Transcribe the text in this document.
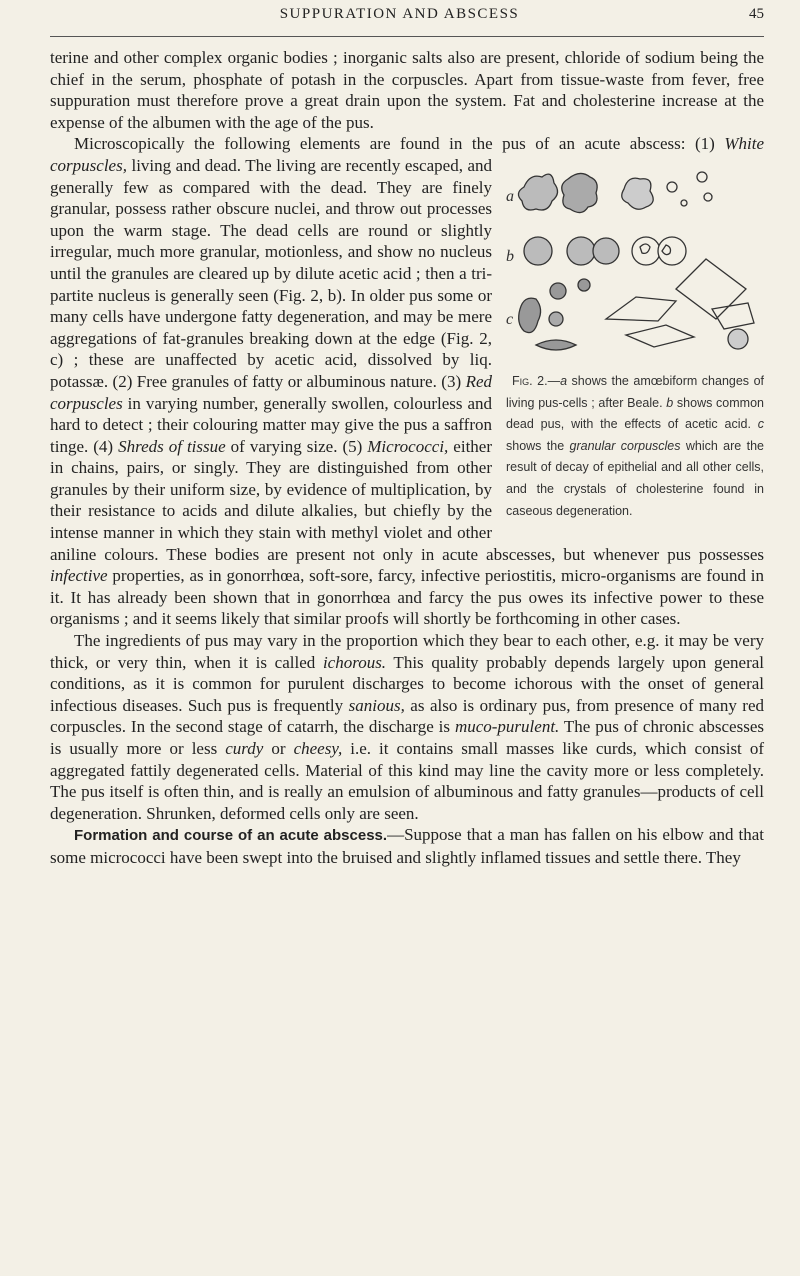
SUPPURATION AND ABSCESS	45

terine and other complex organic bodies ; inorganic salts also are present, chloride of sodium being the chief in the serum, phosphate of potash in the corpuscles. Apart from tissue-waste from fever, free suppuration must therefore prove a great drain upon the system. Fat and cholesterine increase at the expense of the albumen with the age of the pus.

Microscopically the following elements are found in the pus of an acute abscess: (1) White corpuscles,
a
b
c
Fig. 2.—a shows the amœbiform changes of living pus-cells ; after Beale. b shows common dead pus, with the effects of acetic acid. c shows the granular corpuscles which are the result of decay of epithelial and all other cells, and the crystals of cholesterine found in caseous degeneration.
living and dead. The living are recently escaped, and generally few as compared with the dead. They are finely granular, possess rather obscure nuclei, and throw out processes upon the warm stage. The dead cells are round or slightly irregular, much more granular, motionless, and show no nucleus until the granules are cleared up by dilute acetic acid ; then a tri-partite nucleus is generally seen (Fig. 2, b). In older pus some or many cells have undergone fatty degeneration, and may be mere aggregations of fat-granules breaking down at the edge (Fig. 2, c) ; these are unaffected by acetic acid, dissolved by liq. potassæ. (2) Free granules of fatty or albuminous nature. (3) Red corpuscles in varying number, generally swollen, colourless and hard to detect ; their colouring matter may give the pus a saffron tinge. (4) Shreds of tissue of varying size. (5) Micrococci, either in chains, pairs, or singly. They are distinguished from other granules by their uniform size, by evidence of multiplication, by their resistance to acids and dilute alkalies, but chiefly by the intense manner in which they stain with methyl violet and other aniline colours. These bodies are present not only in acute abscesses, but whenever pus possesses infective properties, as in gonorrhœa, soft-sore, farcy, infective periostitis, micro-organisms are found in it. It has already been shown that in gonorrhœa and farcy the pus owes its infective power to these organisms ; and it seems likely that similar proofs will shortly be forthcoming in other cases.

The ingredients of pus may vary in the proportion which they bear to each other, e.g. it may be very thick, or very thin, when it is called ichorous. This quality probably depends largely upon general conditions, as it is common for purulent discharges to become ichorous with the onset of general infectious diseases. Such pus is frequently sanious, as also is ordinary pus, from presence of many red corpuscles. In the second stage of catarrh, the discharge is muco-purulent. The pus of chronic abscesses is usually more or less curdy or cheesy, i.e. it contains small masses like curds, which consist of aggregated fattily degenerated cells. Material of this kind may line the cavity more or less completely. The pus itself is often thin, and is really an emulsion of albuminous and fatty granules—products of cell degeneration. Shrunken, deformed cells only are seen.

Formation and course of an acute abscess.—Suppose that a man has fallen on his elbow and that some micrococci have been swept into the bruised and slightly inflamed tissues and settle there. They
